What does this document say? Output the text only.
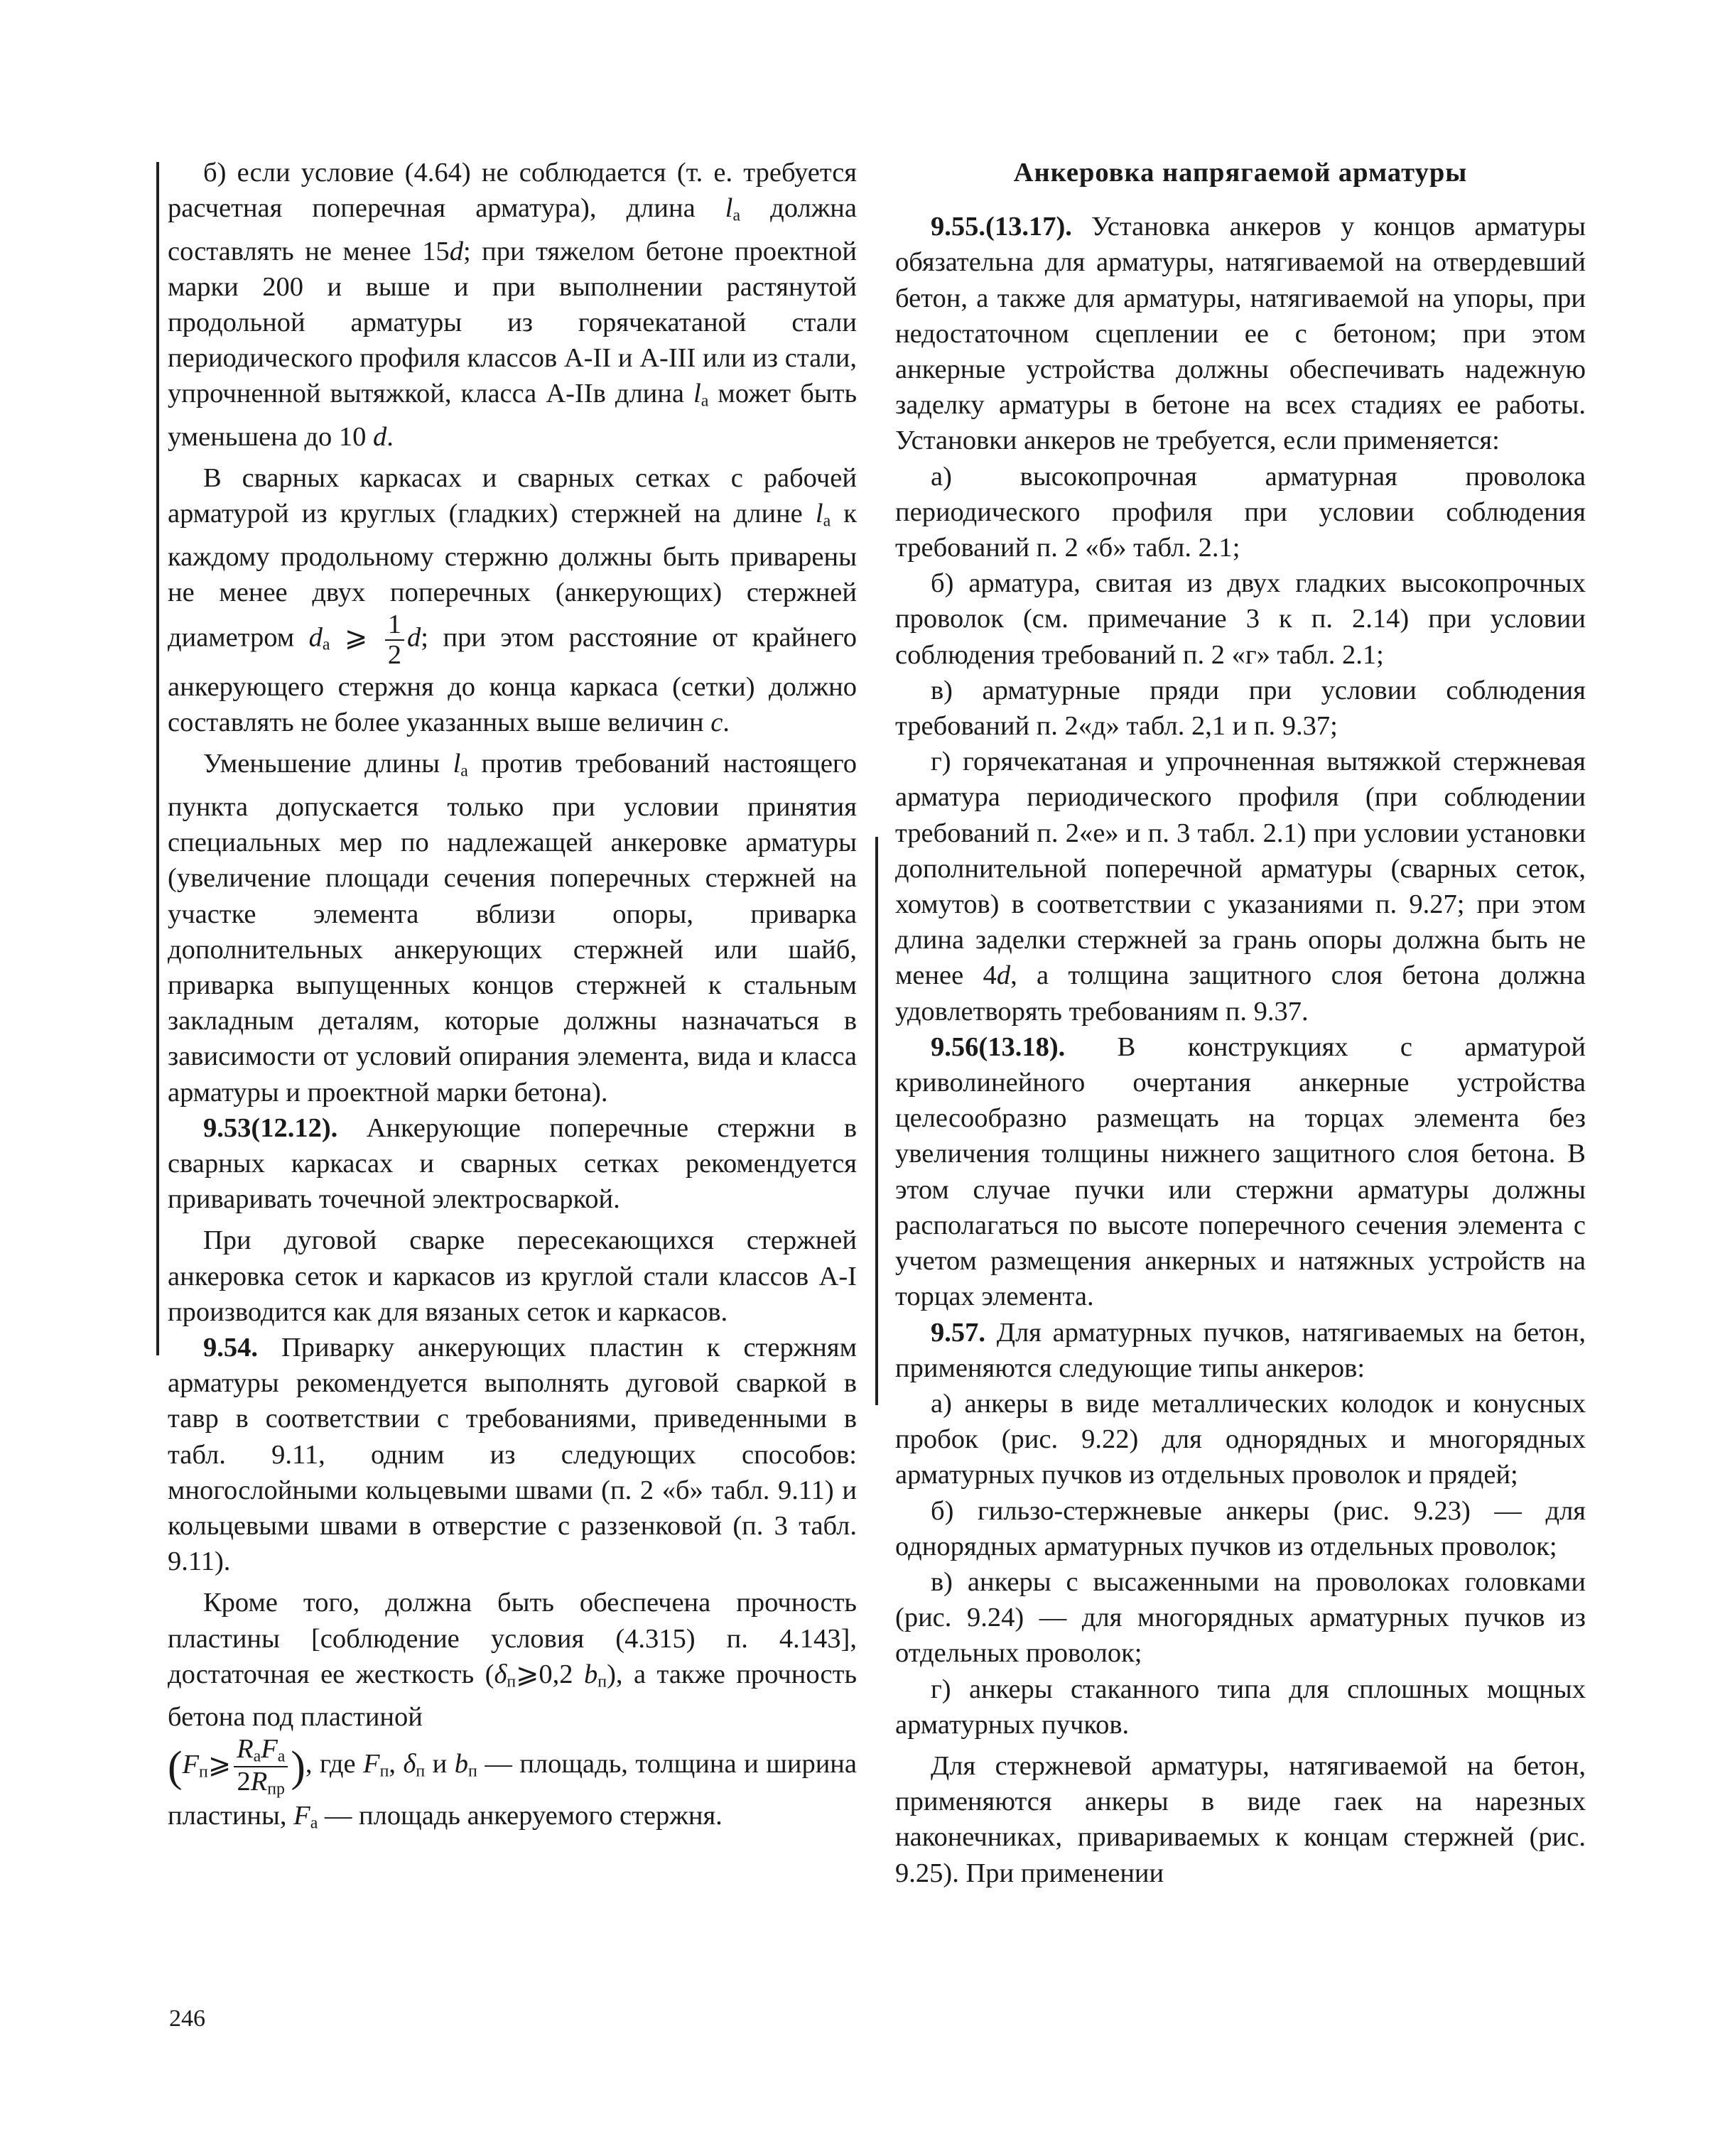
б) если условие (4.64) не соблюдается (т. е. требуется расчетная поперечная арматура), длина $l_a$ должна составлять не менее 15d; при тяжелом бетоне проектной марки 200 и выше и при выполнении растянутой продольной арматуры из горячекатаной стали периодического профиля классов А-II и А-III или из стали, упрочненной вытяжкой, класса А-IIв длина $l_a$ может быть уменьшена до 10 d.

В сварных каркасах и сварных сетках с рабочей арматурой из круглых (гладких) стержней на длине $l_a$ к каждому продольному стержню должны быть приварены не менее двух поперечных (анкерующих) стержней диаметром $d_a$ ⩾ $\frac{1}{2} d$; при этом расстояние от крайнего анкерующего стержня до конца каркаса (сетки) должно составлять не более указанных выше величин c.

Уменьшение длины $l_a$ против требований настоящего пункта допускается только при условии принятия специальных мер по надлежащей анкеровке арматуры (увеличение площади сечения поперечных стержней на участке элемента вблизи опоры, приварка дополнительных анкерующих стержней или шайб, приварка выпущенных концов стержней к стальным закладным деталям, которые должны назначаться в зависимости от условий опирания элемента, вида и класса арматуры и проектной марки бетона).

9.53(12.12). Анкерующие поперечные стержни в сварных каркасах и сварных сетках рекомендуется приваривать точечной электросваркой.

При дуговой сварке пересекающихся стержней анкеровка сеток и каркасов из круглой стали классов А-I производится как для вязаных сеток и каркасов.

9.54. Приварку анкерующих пластин к стержням арматуры рекомендуется выполнять дуговой сваркой в тавр в соответствии с требованиями, приведенными в табл. 9.11, одним из следующих способов: многослойными кольцевыми швами (п. 2 «б» табл. 9.11) и кольцевыми швами в отверстие с раззенковой (п. 3 табл. 9.11).

Кроме того, должна быть обеспечена прочность пластины [соблюдение условия (4.315) п. 4.143], достаточная ее жесткость ($\delta_п⩾0,2$ $b_п$), а также прочность бетона под пластиной
($F_п⩾ \frac{R_aF_a}{2R_{пр}}$ ), где $F_п$, $\delta_п$ и $b_п$ — площадь, толщина и ширина пластины, $F_a$ — площадь анкеруемого стержня.

Анкеровка напрягаемой арматуры

9.55.(13.17). Установка анкеров у концов арматуры обязательна для арматуры, натягиваемой на отвердевший бетон, а также для арматуры, натягиваемой на упоры, при недостаточном сцеплении ее с бетоном; при этом анкерные устройства должны обеспечивать надежную заделку арматуры в бетоне на всех стадиях ее работы. Установки анкеров не требуется, если применяется:

а) высокопрочная арматурная проволока периодического профиля при условии соблюдения требований п. 2 «б» табл. 2.1;

б) арматура, свитая из двух гладких высокопрочных проволок (см. примечание 3 к п. 2.14) при условии соблюдения требований п. 2 «г» табл. 2.1;

в) арматурные пряди при условии соблюдения требований п. 2«д» табл. 2,1 и п. 9.37;

г) горячекатаная и упрочненная вытяжкой стержневая арматура периодического профиля (при соблюдении требований п. 2«е» и п. 3 табл. 2.1) при условии установки дополнительной поперечной арматуры (сварных сеток, хомутов) в соответствии с указаниями п. 9.27; при этом длина заделки стержней за грань опоры должна быть не менее 4d, а толщина защитного слоя бетона должна удовлетворять требованиям п. 9.37.

9.56(13.18). В конструкциях с арматурой криволинейного очертания анкерные устройства целесообразно размещать на торцах элемента без увеличения толщины нижнего защитного слоя бетона. В этом случае пучки или стержни арматуры должны располагаться по высоте поперечного сечения элемента с учетом размещения анкерных и натяжных устройств на торцах элемента.

9.57. Для арматурных пучков, натягиваемых на бетон, применяются следующие типы анкеров:

а) анкеры в виде металлических колодок и конусных пробок (рис. 9.22) для однорядных и многорядных арматурных пучков из отдельных проволок и прядей;

б) гильзо-стержневые анкеры (рис. 9.23) — для однорядных арматурных пучков из отдельных проволок;

в) анкеры с высаженными на проволоках головками (рис. 9.24) — для многорядных арматурных пучков из отдельных проволок;

г) анкеры стаканного типа для сплошных мощных арматурных пучков.

Для стержневой арматуры, натягиваемой на бетон, применяются анкеры в виде гаек на нарезных наконечниках, привариваемых к концам стержней (рис. 9.25). При применении

246
